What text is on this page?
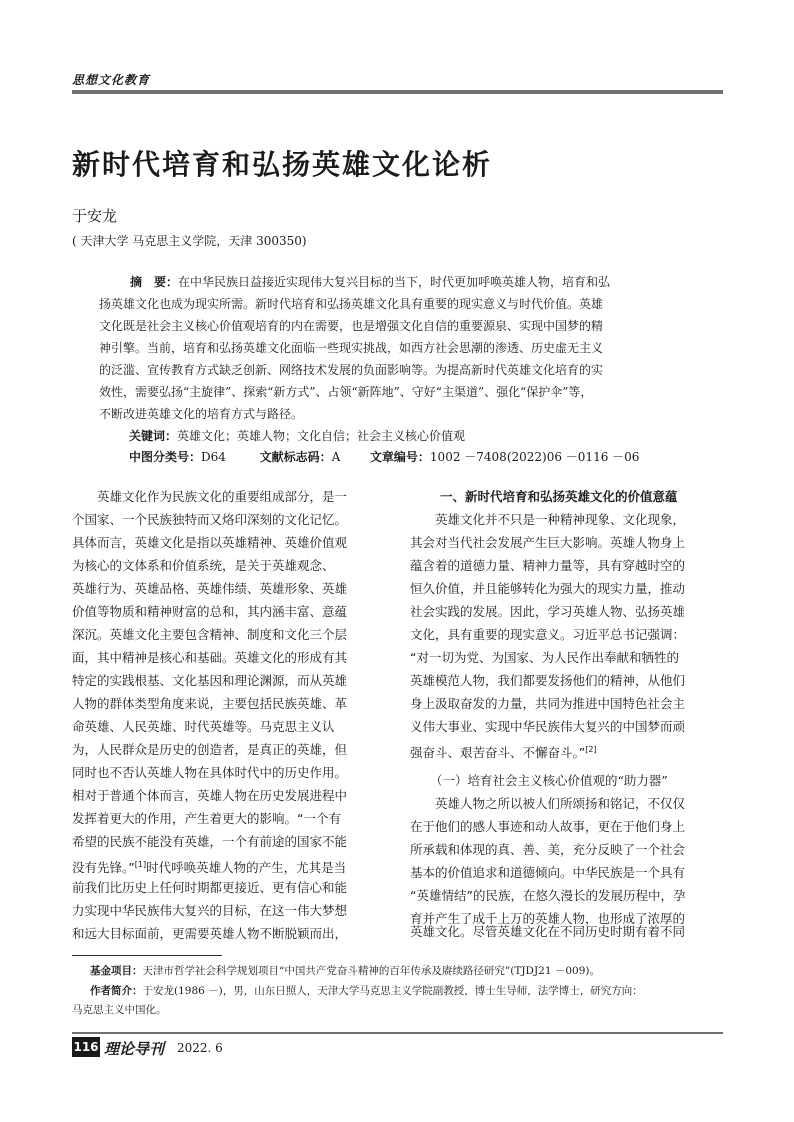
思想文化教育
新时代培育和弘扬英雄文化论析
于安龙
( 天津大学 马克思主义学院，天津 300350)
摘　要：在中华民族日益接近实现伟大复兴目标的当下，时代更加呼唤英雄人物，培育和弘
扬英雄文化也成为现实所需。新时代培育和弘扬英雄文化具有重要的现实意义与时代价值。英雄
文化既是社会主义核心价值观培育的内在需要，也是增强文化自信的重要源泉、实现中国梦的精
神引擎。当前，培育和弘扬英雄文化面临一些现实挑战，如西方社会思潮的渗透、历史虚无主义
的泛滥、宣传教育方式缺乏创新、网络技术发展的负面影响等。为提高新时代英雄文化培育的实
效性，需要弘扬“主旋律”、探索“新方式”、占领“新阵地”、守好“主渠道”、强化“保护伞”等，
不断改进英雄文化的培育方式与路径。
关键词：英雄文化；英雄人物；文化自信；社会主义核心价值观
中图分类号：D64	文献标志码：A 文章编号：1002 －7408(2022)06 －0116 －06
　　英雄文化作为民族文化的重要组成部分，是一
个国家、一个民族独特而又烙印深刻的文化记忆。
具体而言，英雄文化是指以英雄精神、英雄价值观
为核心的文体系和价值系统，是关于英雄观念、
英雄行为、英雄品格、英雄伟绩、英雄形象、英雄
价值等物质和精神财富的总和，其内涵丰富、意蕴
深沉。英雄文化主要包含精神、制度和文化三个层
面，其中精神是核心和基础。英雄文化的形成有其
特定的实践根基、文化基因和理论渊源，而从英雄
人物的群体类型角度来说，主要包括民族英雄、革
命英雄、人民英雄、时代英雄等。马克思主义认
为，人民群众是历史的创造者，是真正的英雄，但
同时也不否认英雄人物在具体时代中的历史作用。
相对于普通个体而言，英雄人物在历史发展进程中
发挥着更大的作用，产生着更大的影响。“一个有
希望的民族不能没有英雄，一个有前途的国家不能
没有先锋。”[1]时代呼唤英雄人物的产生，尤其是当
前我们比历史上任何时期都更接近、更有信心和能
力实现中华民族伟大复兴的目标，在这一伟大梦想
和远大目标面前，更需要英雄人物不断脱颖而出，
一、新时代培育和弘扬英雄文化的价值意蕴
　　英雄文化并不只是一种精神现象、文化现象，
其会对当代社会发展产生巨大影响。英雄人物身上
蕴含着的道德力量、精神力量等，具有穿越时空的
恒久价值，并且能够转化为强大的现实力量，推动
社会实践的发展。因此，学习英雄人物、弘扬英雄
文化，具有重要的现实意义。习近平总书记强调：
“对一切为党、为国家、为人民作出奉献和牺牲的
英雄模范人物，我们都要发扬他们的精神，从他们
身上汲取奋发的力量，共同为推进中国特色社会主
义伟大事业、实现中华民族伟大复兴的中国梦而顽
强奋斗、艰苦奋斗、不懈奋斗。”[2]
（一）培育社会主义核心价值观的“助力器”
　　英雄人物之所以被人们所颂扬和铭记，不仅仅
在于他们的感人事迹和动人故事，更在于他们身上
所承载和体现的真、善、美，充分反映了一个社会
基本的价值追求和道德倾向。中华民族是一个具有
“英雄情结”的民族，在悠久漫长的发展历程中，孕
育并产生了成千上万的英雄人物，也形成了浓厚的
英雄文化。尽管英雄文化在不同历史时期有着不同
基金项目：天津市哲学社会科学规划项目“中国共产党奋斗精神的百年传承及赓续路径研究”(TJDJ21 －009)。
作者简介：于安龙(1986 －)，男，山东日照人，天津大学马克思主义学院副教授，博士生导师，法学博士，研究方向：
马克思主义中国化。
116 理论导刊 2022. 6
